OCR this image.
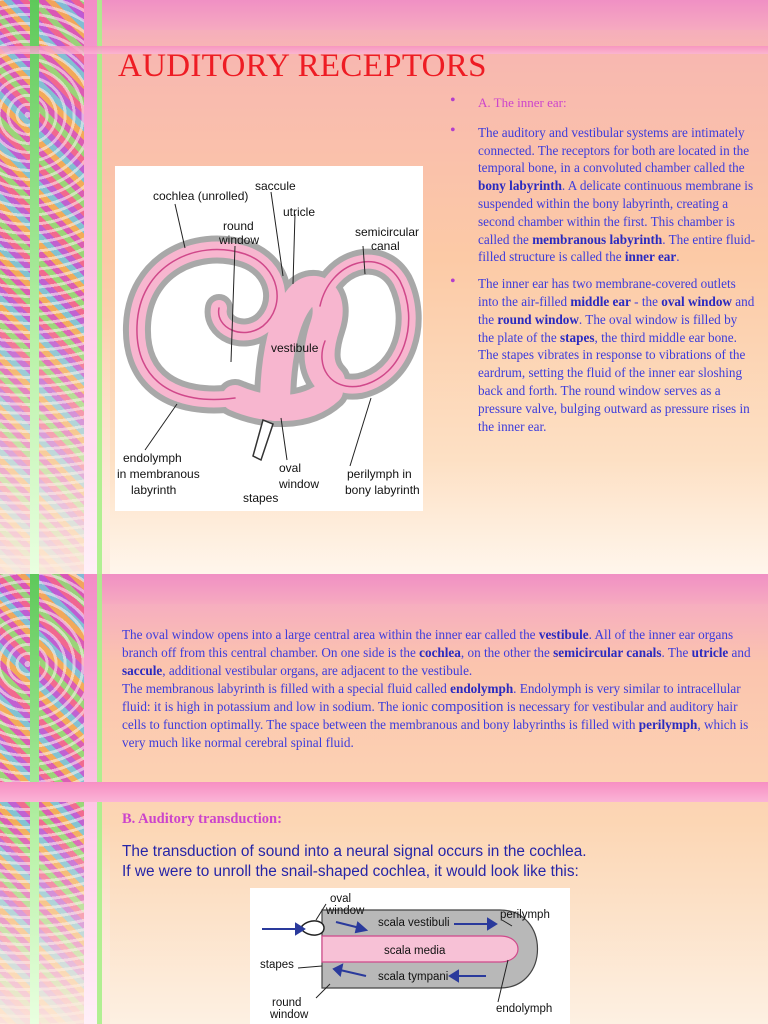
AUDITORY RECEPTORS
• A. The inner ear:
• The auditory and vestibular systems are intimately connected. The receptors for both are located in the temporal bone, in a convoluted chamber called the bony labyrinth. A delicate continuous membrane is suspended within the bony labyrinth, creating a second chamber within the first. This chamber is called the membranous labyrinth. The entire fluid-filled structure is called the inner ear.
• The inner ear has two membrane-covered outlets into the air-filled middle ear - the oval window and the round window. The oval window is filled by the plate of the stapes, the third middle ear bone. The stapes vibrates in response to vibrations of the eardrum, setting the fluid of the inner ear sloshing back and forth. The round window serves as a pressure valve, bulging outward as pressure rises in the inner ear.
cochlea (unrolled)
saccule
utricle
round
window
semicircular
canal
vestibule
endolymph
in membranous
labyrinth
oval
window
stapes
perilymph in
bony labyrinth

The oval window opens into a large central area within the inner ear called the vestibule. All of the inner ear organs branch off from this central chamber. On one side is the cochlea, on the other the semicircular canals. The utricle and saccule, additional vestibular organs, are adjacent to the vestibule.
The membranous labyrinth is filled with a special fluid called endolymph. Endolymph is very similar to intracellular fluid: it is high in potassium and low in sodium. The ionic composition is necessary for vestibular and auditory hair cells to function optimally. The space between the membranous and bony labyrinths is filled with perilymph, which is very much like normal cerebral spinal fluid.

B. Auditory transduction:

The transduction of sound into a neural signal occurs in the cochlea.
If we were to unroll the snail-shaped cochlea, it would look like this:

oval
window	perilymph
scala vestibuli
scala media
scala tympani
stapes
round
window	endolymph
